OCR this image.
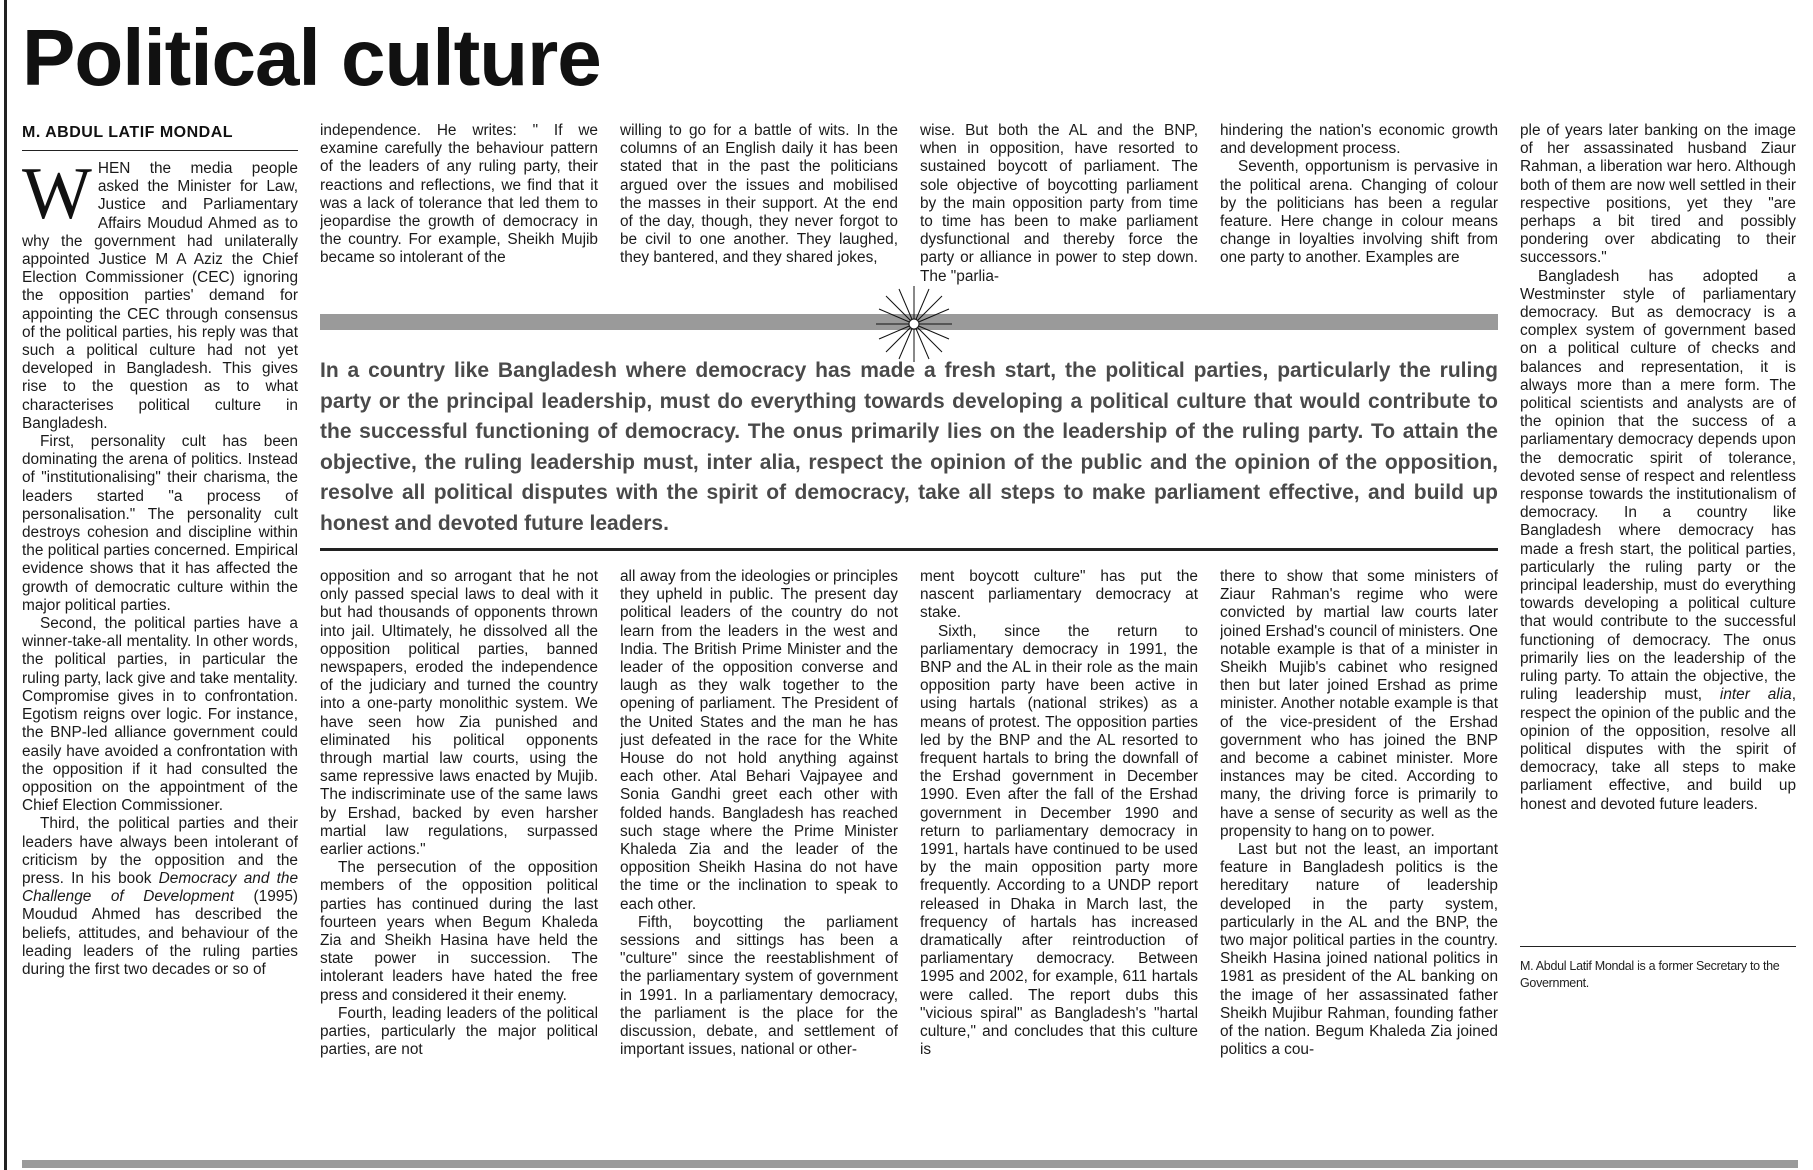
Political culture
M. ABDUL LATIF MONDAL

WHEN the media people asked the Minister for Law, Justice and Parliamentary Affairs Moudud Ahmed as to why the government had unilaterally appointed Justice M A Aziz the Chief Election Commissioner (CEC) ignoring the opposition parties' demand for appointing the CEC through consensus of the political parties, his reply was that such a political culture had not yet developed in Bangladesh. This gives rise to the question as to what characterises political culture in Bangladesh.

First, personality cult has been dominating the arena of politics. Instead of "institutionalising" their charisma, the leaders started "a process of personalisation." The personality cult destroys cohesion and discipline within the political parties concerned. Empirical evidence shows that it has affected the growth of democratic culture within the major political parties.

Second, the political parties have a winner-take-all mentality. In other words, the political parties, in particular the ruling party, lack give and take mentality. Compromise gives in to confrontation. Egotism reigns over logic. For instance, the BNP-led alliance government could easily have avoided a confrontation with the opposition if it had consulted the opposition on the appointment of the Chief Election Commissioner.

Third, the political parties and their leaders have always been intolerant of criticism by the opposition and the press. In his book Democracy and the Challenge of Development (1995) Moudud Ahmed has described the beliefs, attitudes, and behaviour of the leading leaders of the ruling parties during the first two decades or so of

independence. He writes: " If we examine carefully the behaviour pattern of the leaders of any ruling party, their reactions and reflections, we find that it was a lack of tolerance that led them to jeopardise the growth of democracy in the country. For example, Sheikh Mujib became so intolerant of the

willing to go for a battle of wits. In the columns of an English daily it has been stated that in the past the politicians argued over the issues and mobilised the masses in their support. At the end of the day, though, they never forgot to be civil to one another. They laughed, they bantered, and they shared jokes,

wise. But both the AL and the BNP, when in opposition, have resorted to sustained boycott of parliament. The sole objective of boycotting parliament by the main opposition party from time to time has been to make parliament dysfunctional and thereby force the party or alliance in power to step down. The "parlia-

hindering the nation's economic growth and development process.

Seventh, opportunism is pervasive in the political arena. Changing of colour by the politicians has been a regular feature. Here change in colour means change in loyalties involving shift from one party to another. Examples are

In a country like Bangladesh where democracy has made a fresh start, the political parties, particularly the ruling party or the principal leadership, must do everything towards developing a political culture that would contribute to the successful functioning of democracy. The onus primarily lies on the leadership of the ruling party. To attain the objective, the ruling leadership must, inter alia, respect the opinion of the public and the opinion of the opposition, resolve all political disputes with the spirit of democracy, take all steps to make parliament effective, and build up honest and devoted future leaders.

opposition and so arrogant that he not only passed special laws to deal with it but had thousands of opponents thrown into jail. Ultimately, he dissolved all the opposition political parties, banned newspapers, eroded the independence of the judiciary and turned the country into a one-party monolithic system. We have seen how Zia punished and eliminated his political opponents through martial law courts, using the same repressive laws enacted by Mujib. The indiscriminate use of the same laws by Ershad, backed by even harsher martial law regulations, surpassed earlier actions."

The persecution of the opposition members of the opposition political parties has continued during the last fourteen years when Begum Khaleda Zia and Sheikh Hasina have held the state power in succession. The intolerant leaders have hated the free press and considered it their enemy.

Fourth, leading leaders of the political parties, particularly the major political parties, are not

all away from the ideologies or principles they upheld in public. The present day political leaders of the country do not learn from the leaders in the west and India. The British Prime Minister and the leader of the opposition converse and laugh as they walk together to the opening of parliament. The President of the United States and the man he has just defeated in the race for the White House do not hold anything against each other. Atal Behari Vajpayee and Sonia Gandhi greet each other with folded hands. Bangladesh has reached such stage where the Prime Minister Khaleda Zia and the leader of the opposition Sheikh Hasina do not have the time or the inclination to speak to each other.

Fifth, boycotting the parliament sessions and sittings has been a "culture" since the reestablishment of the parliamentary system of government in 1991. In a parliamentary democracy, the parliament is the place for the discussion, debate, and settlement of important issues, national or other-

ment boycott culture" has put the nascent parliamentary democracy at stake.

Sixth, since the return to parliamentary democracy in 1991, the BNP and the AL in their role as the main opposition party have been active in using hartals (national strikes) as a means of protest. The opposition parties led by the BNP and the AL resorted to frequent hartals to bring the downfall of the Ershad government in December 1990. Even after the fall of the Ershad government in December 1990 and return to parliamentary democracy in 1991, hartals have continued to be used by the main opposition party more frequently. According to a UNDP report released in Dhaka in March last, the frequency of hartals has increased dramatically after reintroduction of parliamentary democracy. Between 1995 and 2002, for example, 611 hartals were called. The report dubs this "vicious spiral" as Bangladesh's "hartal culture," and concludes that this culture is

there to show that some ministers of Ziaur Rahman's regime who were convicted by martial law courts later joined Ershad's council of ministers. One notable example is that of a minister in Sheikh Mujib's cabinet who resigned then but later joined Ershad as prime minister. Another notable example is that of the vice-president of the Ershad government who has joined the BNP and become a cabinet minister. More instances may be cited. According to many, the driving force is primarily to have a sense of security as well as the propensity to hang on to power.

Last but not the least, an important feature in Bangladesh politics is the hereditary nature of leadership developed in the party system, particularly in the AL and the BNP, the two major political parties in the country. Sheikh Hasina joined national politics in 1981 as president of the AL banking on the image of her assassinated father Sheikh Mujibur Rahman, founding father of the nation. Begum Khaleda Zia joined politics a cou-

ple of years later banking on the image of her assassinated husband Ziaur Rahman, a liberation war hero. Although both of them are now well settled in their respective positions, yet they "are perhaps a bit tired and possibly pondering over abdicating to their successors."

Bangladesh has adopted a Westminster style of parliamentary democracy. But as democracy is a complex system of government based on a political culture of checks and balances and representation, it is always more than a mere form. The political scientists and analysts are of the opinion that the success of a parliamentary democracy depends upon the democratic spirit of tolerance, devoted sense of respect and relentless response towards the institutionalism of democracy. In a country like Bangladesh where democracy has made a fresh start, the political parties, particularly the ruling party or the principal leadership, must do everything towards developing a political culture that would contribute to the successful functioning of democracy. The onus primarily lies on the leadership of the ruling party. To attain the objective, the ruling leadership must, inter alia, respect the opinion of the public and the opinion of the opposition, resolve all political disputes with the spirit of democracy, take all steps to make parliament effective, and build up honest and devoted future leaders.

M. Abdul Latif Mondal is a former Secretary to the Government.
